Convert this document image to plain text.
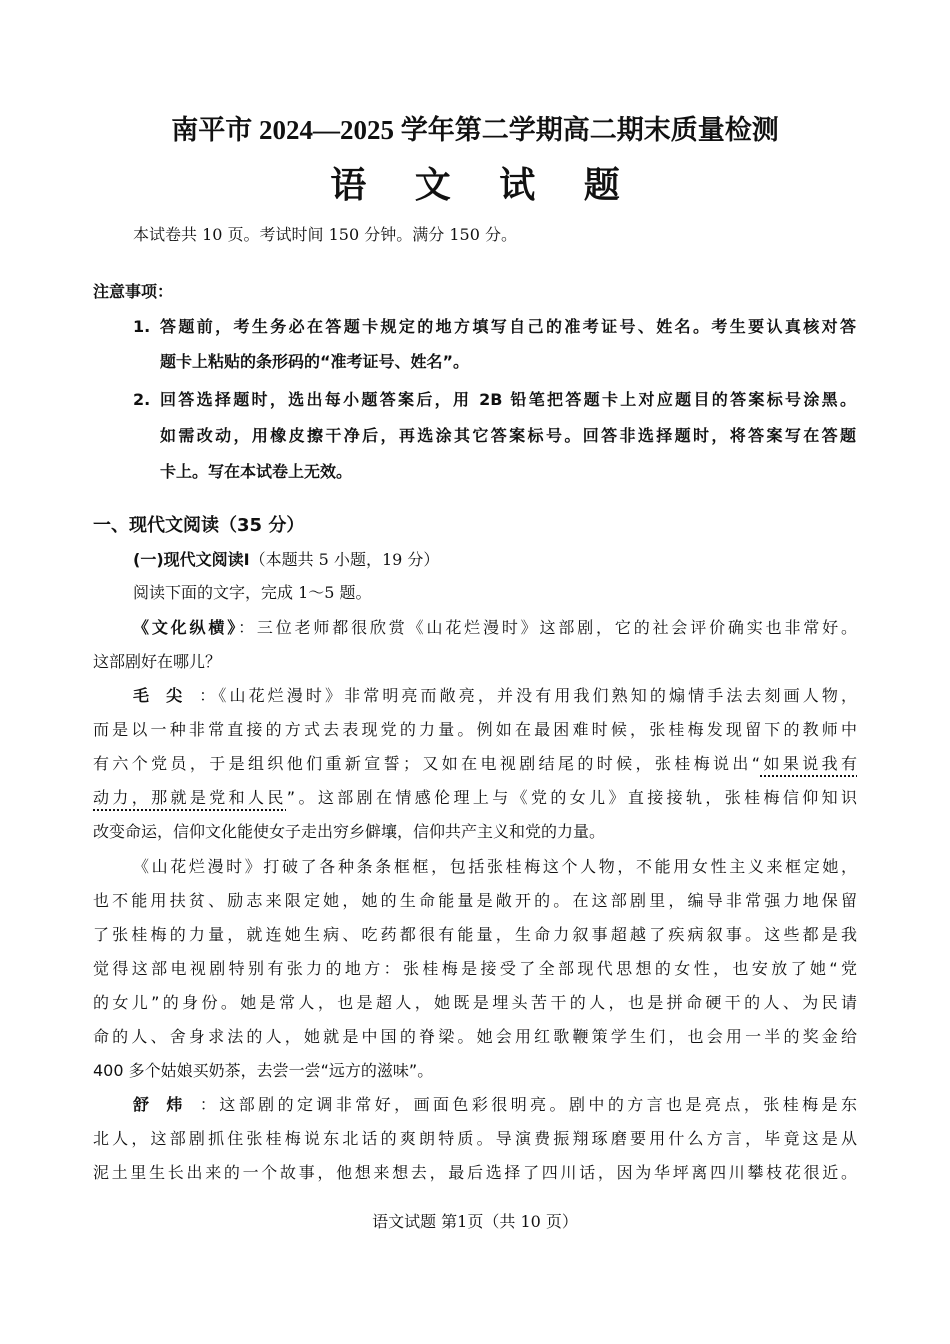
南平市 2024—2025 学年第二学期高二期末质量检测
语 文 试 题
本试卷共 10 页。考试时间 150 分钟。满分 150 分。
注意事项：
1. 答题前，考生务必在答题卡规定的地方填写自己的准考证号、姓名。考生要认真核对答
题卡上粘贴的条形码的“准考证号、姓名”。
2. 回答选择题时，选出每小题答案后，用 2B 铅笔把答题卡上对应题目的答案标号涂黑。
如需改动，用橡皮擦干净后，再选涂其它答案标号。回答非选择题时，将答案写在答题
卡上。写在本试卷上无效。
一、现代文阅读（35 分）
(一)现代文阅读Ⅰ（本题共 5 小题，19 分）
阅读下面的文字，完成 1～5 题。
《文化纵横》：三位老师都很欣赏《山花烂漫时》这部剧，它的社会评价确实也非常好。
这部剧好在哪儿？
毛尖：《山花烂漫时》非常明亮而敞亮，并没有用我们熟知的煽情手法去刻画人物，
而是以一种非常直接的方式去表现党的力量。例如在最困难时候，张桂梅发现留下的教师中
有六个党员，于是组织他们重新宣誓；又如在电视剧结尾的时候，张桂梅说出“如果说我有
动力，那就是党和人民”。这部剧在情感伦理上与《党的女儿》直接接轨，张桂梅信仰知识
改变命运，信仰文化能使女子走出穷乡僻壤，信仰共产主义和党的力量。
《山花烂漫时》打破了各种条条框框，包括张桂梅这个人物，不能用女性主义来框定她，
也不能用扶贫、励志来限定她，她的生命能量是敞开的。在这部剧里，编导非常强力地保留
了张桂梅的力量，就连她生病、吃药都很有能量，生命力叙事超越了疾病叙事。这些都是我
觉得这部电视剧特别有张力的地方：张桂梅是接受了全部现代思想的女性，也安放了她“党
的女儿”的身份。她是常人，也是超人，她既是埋头苦干的人，也是拼命硬干的人、为民请
命的人、舍身求法的人，她就是中国的脊梁。她会用红歌鞭策学生们，也会用一半的奖金给
400 多个姑娘买奶茶，去尝一尝“远方的滋味”。
舒炜：这部剧的定调非常好，画面色彩很明亮。剧中的方言也是亮点，张桂梅是东
北人，这部剧抓住张桂梅说东北话的爽朗特质。导演费振翔琢磨要用什么方言，毕竟这是从
泥土里生长出来的一个故事，他想来想去，最后选择了四川话，因为华坪离四川攀枝花很近。
语文试题 第1页（共 10 页）
